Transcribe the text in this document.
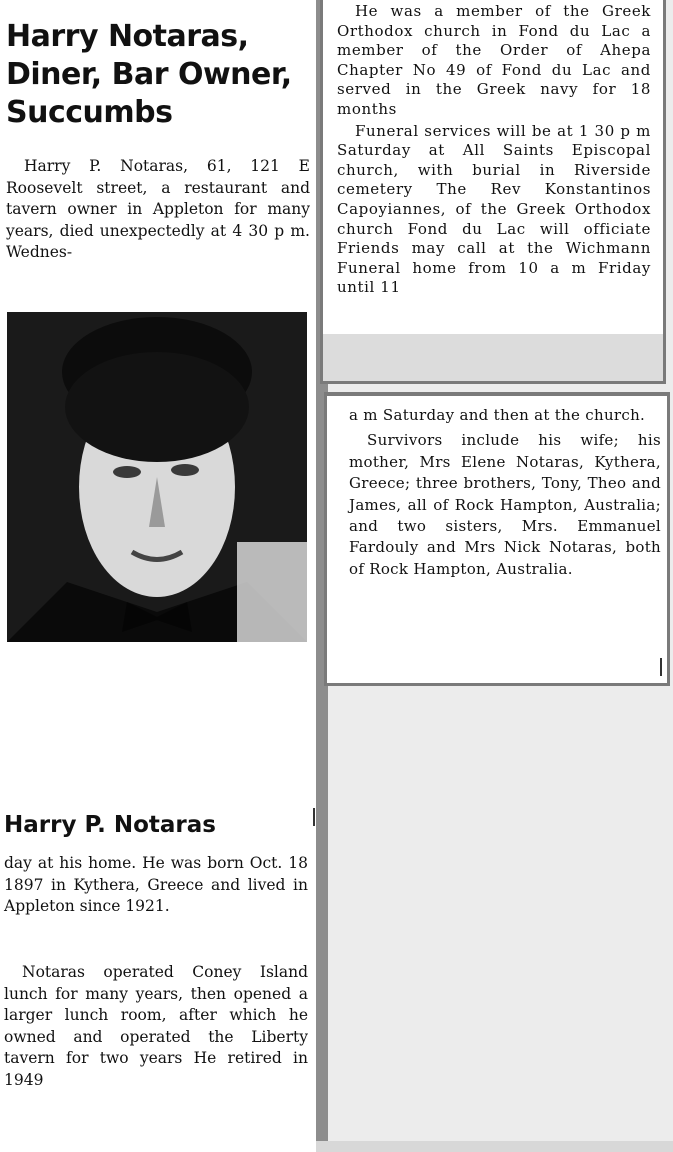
Harry Notaras, Diner, Bar Owner, Succumbs

Harry P. Notaras, 61, 121 E Roosevelt street, a restaurant and tavern owner in Appleton for many years, died unexpectedly at 4 30 p m. Wednes-

Harry P. Notaras

day at his home. He was born Oct. 18 1897 in Kythera, Greece and lived in Appleton since 1921.

Notaras operated Coney Island lunch for many years, then opened a larger lunch room, after which he owned and operated the Liberty tavern for two years He retired in 1949

He was a member of the Greek Orthodox church in Fond du Lac a member of the Order of Ahepa Chapter No 49 of Fond du Lac and served in the Greek navy for 18 months

Funeral services will be at 1 30 p m Saturday at All Saints Episcopal church, with burial in Riverside cemetery The Rev Konstantinos Capoyiannes, of the Greek Orthodox church Fond du Lac will officiate Friends may call at the Wichmann Funeral home from 10 a m Friday until 11

a m Saturday and then at the church.

Survivors include his wife; his mother, Mrs Elene Notaras, Kythera, Greece; three brothers, Tony, Theo and James, all of Rock Hampton, Australia; and two sisters, Mrs. Emmanuel Fardouly and Mrs Nick Notaras, both of Rock Hampton, Australia.
